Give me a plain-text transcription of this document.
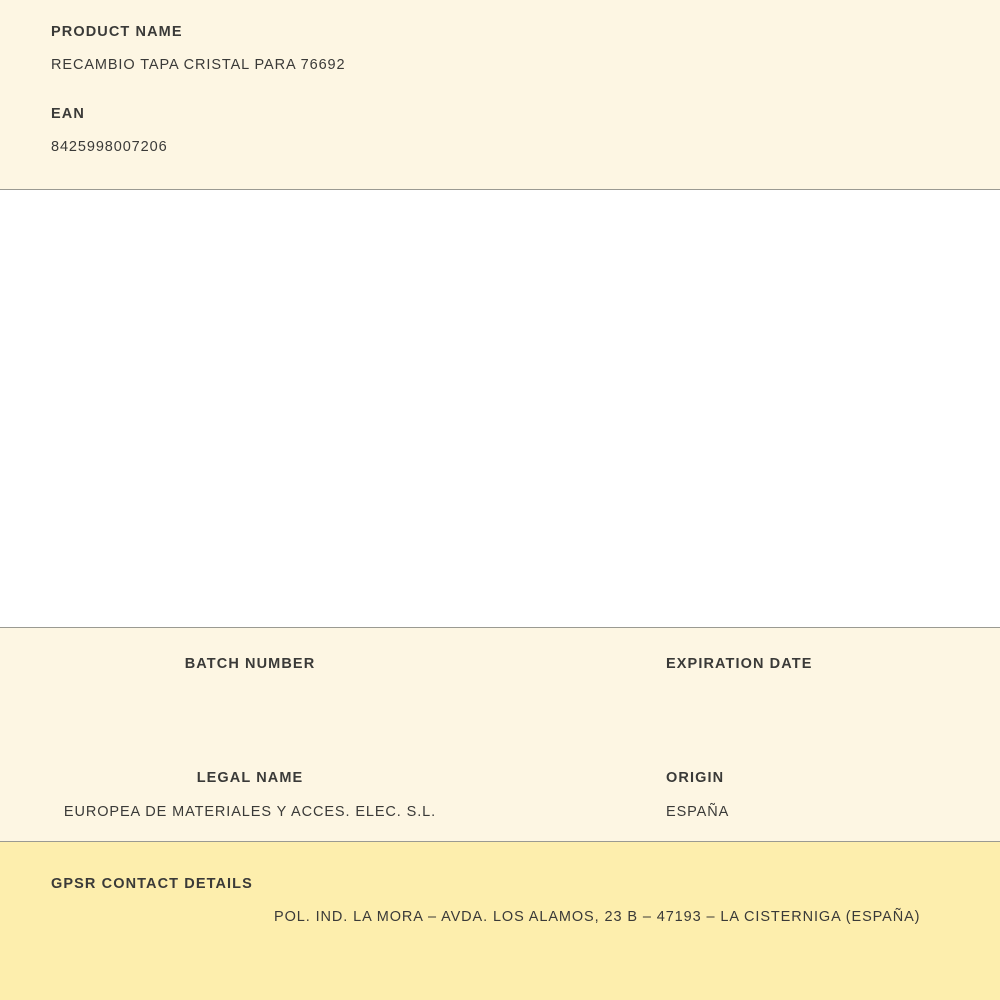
PRODUCT NAME
RECAMBIO TAPA CRISTAL PARA 76692
EAN
8425998007206
BATCH NUMBER	EXPIRATION DATE
LEGAL NAME
EUROPEA DE MATERIALES Y ACCES. ELEC. S.L.
ORIGIN
ESPAÑA
GPSR CONTACT DETAILS
POL. IND. LA MORA – AVDA. LOS ALAMOS, 23 B – 47193 – LA CISTERNIGA (ESPAÑA)
